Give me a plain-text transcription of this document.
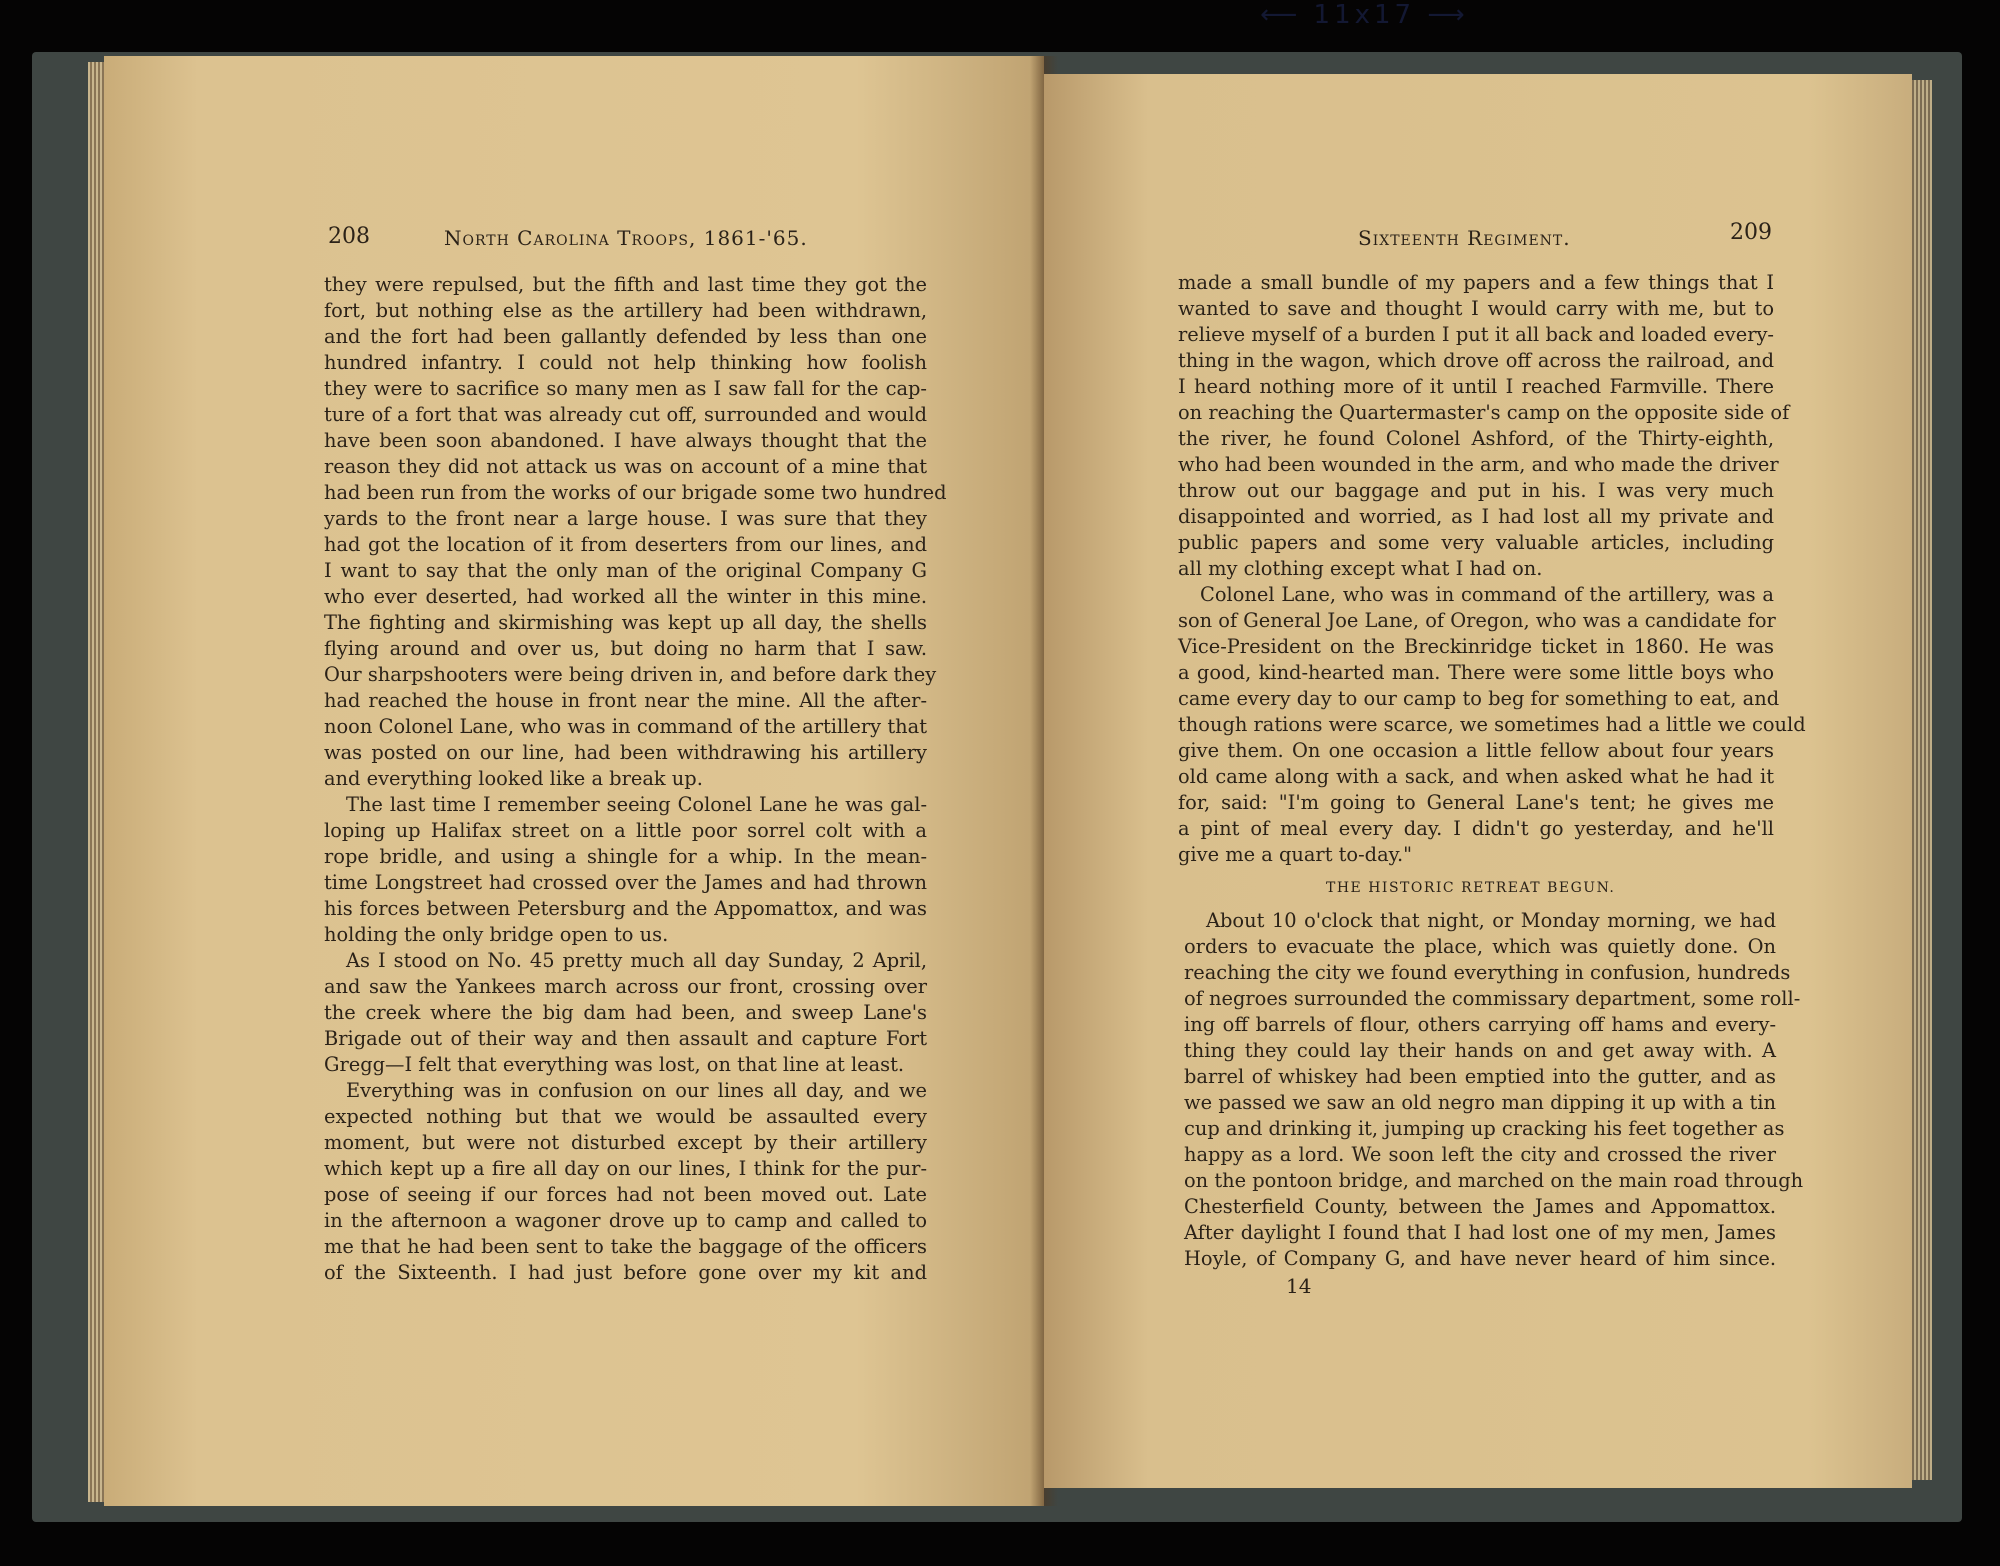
⟵ 11x17 ⟶
208	North Carolina Troops, 1861-'65.
they were repulsed, but the fifth and last time they got the
fort, but nothing else as the artillery had been withdrawn,
and the fort had been gallantly defended by less than one
hundred infantry. I could not help thinking how foolish
they were to sacrifice so many men as I saw fall for the cap-
ture of a fort that was already cut off, surrounded and would
have been soon abandoned. I have always thought that the
reason they did not attack us was on account of a mine that
had been run from the works of our brigade some two hundred
yards to the front near a large house. I was sure that they
had got the location of it from deserters from our lines, and
I want to say that the only man of the original Company G
who ever deserted, had worked all the winter in this mine.
The fighting and skirmishing was kept up all day, the shells
flying around and over us, but doing no harm that I saw.
Our sharpshooters were being driven in, and before dark they
had reached the house in front near the mine. All the after-
noon Colonel Lane, who was in command of the artillery that
was posted on our line, had been withdrawing his artillery
and everything looked like a break up.
The last time I remember seeing Colonel Lane he was gal-
loping up Halifax street on a little poor sorrel colt with a
rope bridle, and using a shingle for a whip. In the mean-
time Longstreet had crossed over the James and had thrown
his forces between Petersburg and the Appomattox, and was
holding the only bridge open to us.
As I stood on No. 45 pretty much all day Sunday, 2 April,
and saw the Yankees march across our front, crossing over
the creek where the big dam had been, and sweep Lane's
Brigade out of their way and then assault and capture Fort
Gregg—I felt that everything was lost, on that line at least.
Everything was in confusion on our lines all day, and we
expected nothing but that we would be assaulted every
moment, but were not disturbed except by their artillery
which kept up a fire all day on our lines, I think for the pur-
pose of seeing if our forces had not been moved out. Late
in the afternoon a wagoner drove up to camp and called to
me that he had been sent to take the baggage of the officers
of the Sixteenth. I had just before gone over my kit and
Sixteenth Regiment.	209
made a small bundle of my papers and a few things that I
wanted to save and thought I would carry with me, but to
relieve myself of a burden I put it all back and loaded every-
thing in the wagon, which drove off across the railroad, and
I heard nothing more of it until I reached Farmville. There
on reaching the Quartermaster's camp on the opposite side of
the river, he found Colonel Ashford, of the Thirty-eighth,
who had been wounded in the arm, and who made the driver
throw out our baggage and put in his. I was very much
disappointed and worried, as I had lost all my private and
public papers and some very valuable articles, including
all my clothing except what I had on.
Colonel Lane, who was in command of the artillery, was a
son of General Joe Lane, of Oregon, who was a candidate for
Vice-President on the Breckinridge ticket in 1860. He was
a good, kind-hearted man. There were some little boys who
came every day to our camp to beg for something to eat, and
though rations were scarce, we sometimes had a little we could
give them. On one occasion a little fellow about four years
old came along with a sack, and when asked what he had it
for, said: "I'm going to General Lane's tent; he gives me
a pint of meal every day. I didn't go yesterday, and he'll
give me a quart to-day."
THE HISTORIC RETREAT BEGUN.
About 10 o'clock that night, or Monday morning, we had
orders to evacuate the place, which was quietly done. On
reaching the city we found everything in confusion, hundreds
of negroes surrounded the commissary department, some roll-
ing off barrels of flour, others carrying off hams and every-
thing they could lay their hands on and get away with. A
barrel of whiskey had been emptied into the gutter, and as
we passed we saw an old negro man dipping it up with a tin
cup and drinking it, jumping up cracking his feet together as
happy as a lord. We soon left the city and crossed the river
on the pontoon bridge, and marched on the main road through
Chesterfield County, between the James and Appomattox.
After daylight I found that I had lost one of my men, James
Hoyle, of Company G, and have never heard of him since.
14
